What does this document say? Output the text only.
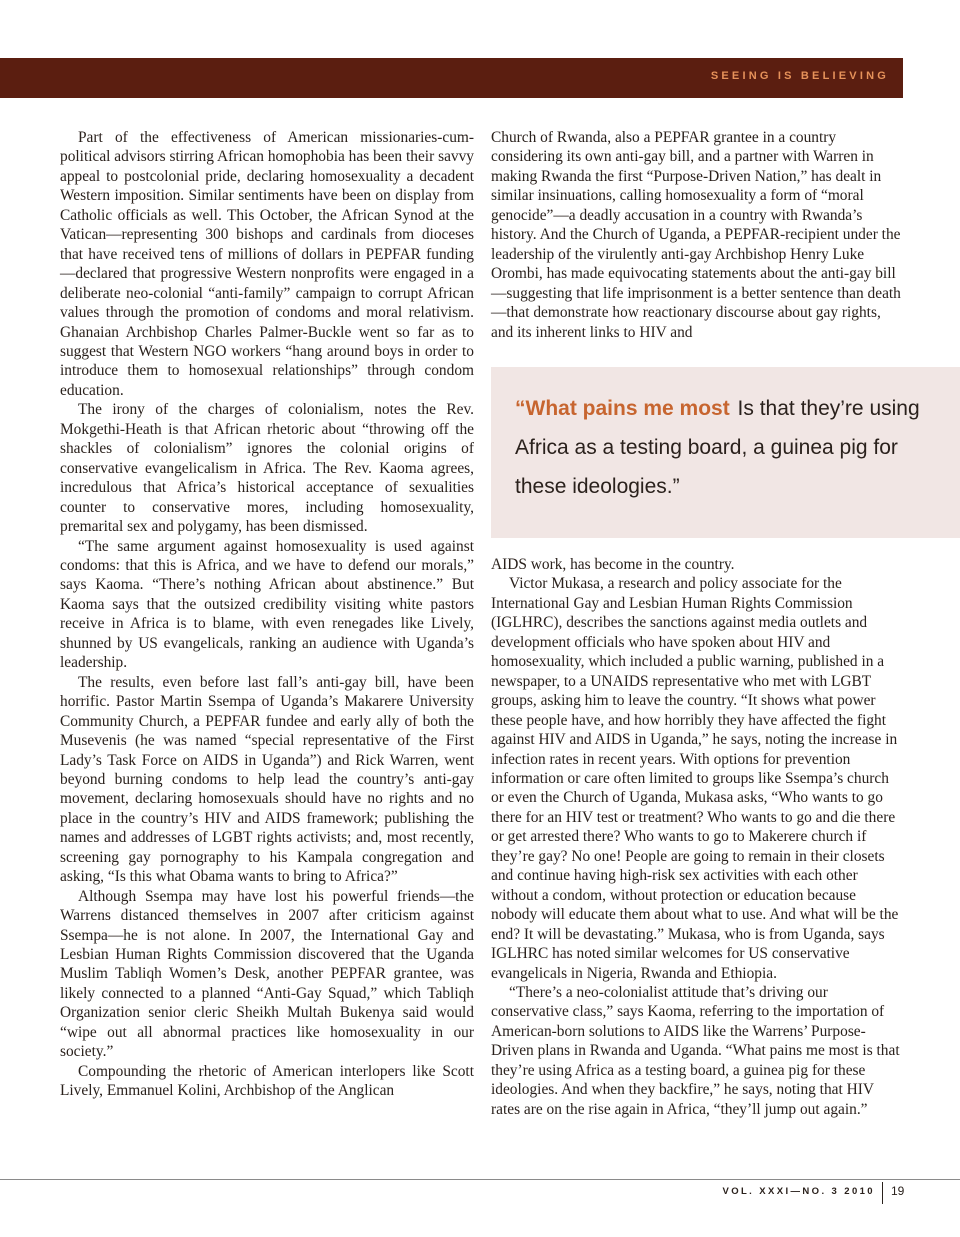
SEEING IS BELIEVING

Part of the effectiveness of American missionaries-cum-political advisors stirring African homophobia has been their savvy appeal to postcolonial pride, declaring homosexuality a decadent Western imposition. Similar sentiments have been on display from Catholic officials as well. This October, the African Synod at the Vatican—representing 300 bishops and cardinals from dioceses that have received tens of millions of dollars in PEPFAR funding—declared that progressive Western nonprofits were engaged in a deliberate neo-colonial “anti-family” campaign to corrupt African values through the promotion of condoms and moral relativism. Ghanaian Archbishop Charles Palmer-Buckle went so far as to suggest that Western NGO workers “hang around boys in order to introduce them to homosexual relationships” through condom education.

The irony of the charges of colonialism, notes the Rev. Mokgethi-Heath is that African rhetoric about “throwing off the shackles of colonialism” ignores the colonial origins of conservative evangelicalism in Africa. The Rev. Kaoma agrees, incredulous that Africa’s historical acceptance of sexualities counter to conservative mores, including homosexuality, premarital sex and polygamy, has been dismissed.

“The same argument against homosexuality is used against condoms: that this is Africa, and we have to defend our morals,” says Kaoma. “There’s nothing African about abstinence.” But Kaoma says that the outsized credibility visiting white pastors receive in Africa is to blame, with even renegades like Lively, shunned by US evangelicals, ranking an audience with Uganda’s leadership.

The results, even before last fall’s anti-gay bill, have been horrific. Pastor Martin Ssempa of Uganda’s Makarere University Community Church, a PEPFAR fundee and early ally of both the Musevenis (he was named “special representative of the First Lady’s Task Force on AIDS in Uganda”) and Rick Warren, went beyond burning condoms to help lead the country’s anti-gay movement, declaring homosexuals should have no rights and no place in the country’s HIV and AIDS framework; publishing the names and addresses of LGBT rights activists; and, most recently, screening gay pornography to his Kampala congregation and asking, “Is this what Obama wants to bring to Africa?”

Although Ssempa may have lost his powerful friends—the Warrens distanced themselves in 2007 after criticism against Ssempa—he is not alone. In 2007, the International Gay and Lesbian Human Rights Commission discovered that the Uganda Muslim Tabliqh Women’s Desk, another PEPFAR grantee, was likely connected to a planned “Anti-Gay Squad,” which Tabliqh Organization senior cleric Sheikh Multah Bukenya said would “wipe out all abnormal practices like homosexuality in our society.”

Compounding the rhetoric of American interlopers like Scott Lively, Emmanuel Kolini, Archbishop of the Anglican

Church of Rwanda, also a PEPFAR grantee in a country considering its own anti-gay bill, and a partner with Warren in making Rwanda the first “Purpose-Driven Nation,” has dealt in similar insinuations, calling homosexuality a form of “moral genocide”—a deadly accusation in a country with Rwanda’s history. And the Church of Uganda, a PEPFAR-recipient under the leadership of the virulently anti-gay Archbishop Henry Luke Orombi, has made equivocating statements about the anti-gay bill—suggesting that life imprisonment is a better sentence than death—that demonstrate how reactionary discourse about gay rights, and its inherent links to HIV and

“What pains me most Is that they’re using Africa as a testing board, a guinea pig for these ideologies.”

AIDS work, has become in the country.

Victor Mukasa, a research and policy associate for the International Gay and Lesbian Human Rights Commission (IGLHRC), describes the sanctions against media outlets and development officials who have spoken about HIV and homosexuality, which included a public warning, published in a newspaper, to a UNAIDS representative who met with LGBT groups, asking him to leave the country. “It shows what power these people have, and how horribly they have affected the fight against HIV and AIDS in Uganda,” he says, noting the increase in infection rates in recent years. With options for prevention information or care often limited to groups like Ssempa’s church or even the Church of Uganda, Mukasa asks, “Who wants to go there for an HIV test or treatment? Who wants to go and die there or get arrested there? Who wants to go to Makerere church if they’re gay? No one! People are going to remain in their closets and continue having high-risk sex activities with each other without a condom, without protection or education because nobody will educate them about what to use. And what will be the end? It will be devastating.” Mukasa, who is from Uganda, says IGLHRC has noted similar welcomes for US conservative evangelicals in Nigeria, Rwanda and Ethiopia.

“There’s a neo-colonialist attitude that’s driving our conservative class,” says Kaoma, referring to the importation of American-born solutions to AIDS like the Warrens’ Purpose-Driven plans in Rwanda and Uganda. “What pains me most is that they’re using Africa as a testing board, a guinea pig for these ideologies. And when they backfire,” he says, noting that HIV rates are on the rise again in Africa, “they’ll jump out again.”

VOL. XXXI—NO. 3 2010 19
